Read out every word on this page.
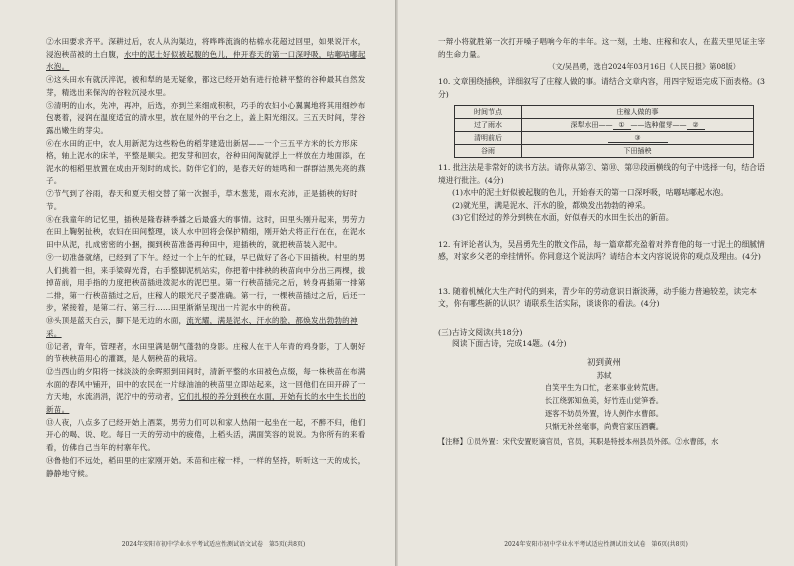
②水田要求齐平。深耕过后，农人从沟渠边，将哗哗流淌的枯棉水花超过回里，如果说汗水，浸泡秧苗被的土白腹，水中的泥土好似被起腹的色儿，仲开春天的第一口深呼吸，咕嘟咕嘟起水泡。
④这头田水有就沃淬泥，被和犁的是无疑象，都这已经开始有进行抢耕平整的谷种最其自然发芽，精选出来保沟的谷粒沉浸水里。
⑤清明的山水，先冲，再冲，后选，亦到兰来细成积积，巧手的农妇小心翼翼地将其用细纱布包裹着，浸润在温度适宜的清水里，放在屋外的平台之上，盖上阳光细汉。三五天时间，芽谷露出嫩生的芽尖。
⑥在水田的正中，农人用新泥为这些粉色的稻芽建造出新居——一个三五平方米的长方形床格，轴上泥水的床羊，平整是顺尖。把发芽和回农，谷种田间淘就浮上一样放在力地面添，在泥水的相稻里放置在成由开刻时的成长。防伴它们的，是春天好的娃鸣和一群群洁黑先亮的燕子。
⑦节气到了谷雨，春天和夏天相交替了第一次握手，草木葱茏，雨水充沛，正是插秧的好时节。
⑧在我童年的记忆里，插秧是隆春耕季播之后最盛大的事情。这时，田里头刚升起来，男劳力在田上鞠躬扯秧，农妇在田间整理，谈人水中回将会保护精细，刚开始犬将正行在在，在泥水田中从泥，扎成密密的小捆，搁到秧苗准备再种田中，迎插秧的，就把秧苗装入泥中。
⑨一切准备就绪，已经到了下午。经过一个上午的忙碌，早已做好了各心下田插秧。村里的男人们挑着一担，来手梁碍光背，右手整脚泥机站实，你把着中排秧的秧苗向中分出三两棵，拔掉苗前，用手指的力度把秧苗插进泼泥水的泥巴里。第一行秧苗插完之后，转身再插第一排第二排，第一行秧苗插过之后，庄稼人的眼光尺子要准确。第一行，一棵秧苗插过之后，后还一步，紧接着，是第二行、第三行……田里渐渐呈现出一片泥水中的秧苗。
⑩头顶是蓝天白云，脚下是无边的水面，流光耀，满是泥水、汗水的脸，都焕发出勃勃的神采。
⑪记者，青年，管理者，水田里满是朝气蓬勃的身影。庄稼人在干人年青的鸡身影，丁人朝好的节秧秧苗用心的灌溉，是人朝秧苗的栽培。
⑫当西山的夕阳将一抹淡淡的余晖照到田间时，清新平整的水田被色点缀，每一株秧苗在布满水面的春风中铺开，田中的农民在一片绿油油的秧苗里立即站起来，这一回他们在田开辟了一方天地，水流涓涓，泥泞中的劳动者，它们扎根的养分到秧在水面，开始有长的水中生长出的新苗。
⑬人夜，八点多了已经开始上酒菜，男劳力们可以和家人热闹一起坐在一起，不醉不归，他们开心的喝、说、吃。每日一天的劳动中的疲倦，上稻头活，满面笑容的说说。为你所有的来看看，仿佛自己当年的村寨年代。
⑭鲁他们不远处，稻田里的庄家刚开始。禾苗和庄稼一样，一样的坚持，听听这一天的成长，静静地守候。
2024年安阳市初中学业水平考试适应性测试语文试卷　第5页(共8页)
一辩小将就胜第一次打开嗓子唱响今年的丰年。这一刻，土地、庄稼和农人，在蓝天里见证主宰的生命力量。
（文/吴昌勇，选自2024年03月16日《人民日报》第08版）
10. 文章围绕插秧，详细叙写了庄稼人做的事。请结合文章内容，用四字短语完成下面表格。(3分)
时间节点	庄稼人做的事
过了雨水	深犁水田—— ① ——选种催芽—— ②
清明前后	③
谷雨	下田插秧
11. 批注法是非常好的读书方法。请你从第②、第⑩、第⑫段画横线的句子中选择一句，结合语境进行批注。(4分)
(1)水中的泥土好似被起腹的色儿，开始春天的第一口深呼吸，咕嘟咕嘟起水泡。
(2)就光里，满是泥水、汗水的脸，都焕发出勃勃的神采。
(3)它们经过的养分到秧在水面，好似春天的水田生长出的新苗。
12. 有评论者认为，吴昌勇先生的散文作品，每一篇章都充盈着对养育他的每一寸泥土的细腻情感，对家乡父老的牵挂情怀。你同意这个说法吗？请结合本文内容说说你的观点及理由。(4分)
13. 随着机械化大生产时代的到来，青少年的劳动意识日渐淡薄，动手能力普遍较差，读完本文，你有哪些新的认识？请联系生活实际，谈谈你的看法。(4分)
(三)古诗文阅读(共18分)
阅读下面古诗，完成14题。(4分)
初到黄州
苏轼
自笑平生为口忙，老来事业转荒唐。
长江绕郭知鱼美，好竹连山觉笋香。
逐客不妨员外置，诗人例作水曹郎。
只惭无补丝毫事，尚费官家压酒囊。
【注释】①员外置：宋代安置贬谪官员，官员，其职是特授本州县员外郎。②水曹郎，水
2024年安阳市初中学业水平考试适应性测试语文试卷　第6页(共8页)
